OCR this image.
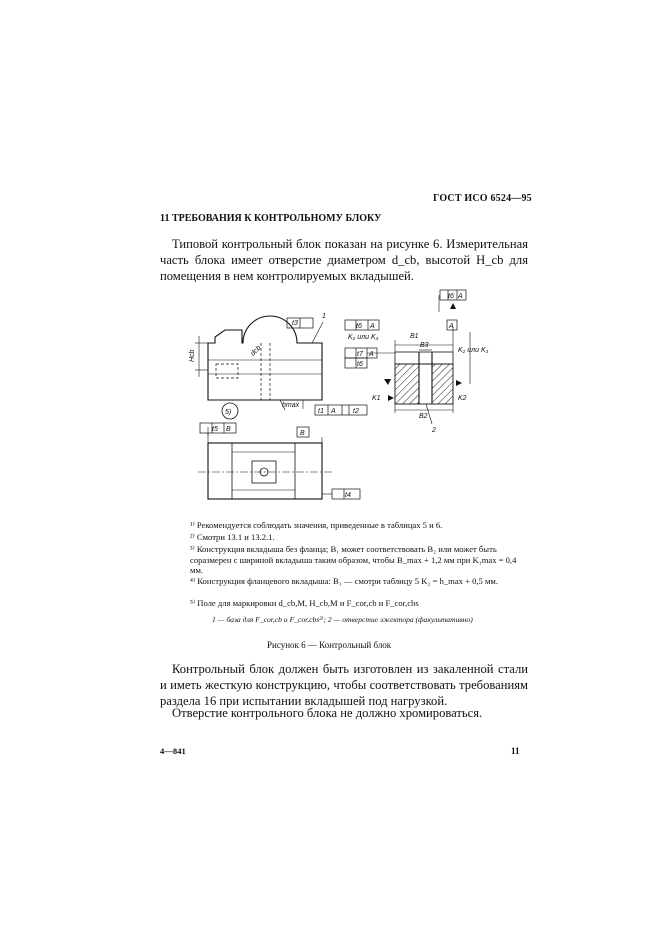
ГОСТ ИСО 6524—95
11 ТРЕБОВАНИЯ К КОНТРОЛЬНОМУ БЛОКУ
Типовой контрольный блок показан на рисунке 6. Измерительная часть блока имеет отверстие диаметром d_cb, высотой H_cb для помещения в нем контролируемых вкладышей.
1
Hcb	dcb
5)
t3
hmax
t1 A t2
t5 B
B
t4
t6 A
t6 A
K₂ или K₃	B1
A
B3
K₂ или K₃
t7 A
t6
K1
B2
K2
2
¹⁾ Рекомендуется соблюдать значения, приведенные в таблицах 5 и 6.
²⁾ Смотри 13.1 и 13.2.1.
³⁾ Конструкция вкладыша без фланца; B₁ может соответствовать B₂ или может быть соразмерен с шириной вкладыша таким образом, чтобы B_max + 1,2 мм при K₁max = 0,4 мм.
⁴⁾ Конструкция фланцевого вкладыша: B₁ — смотри таблицу 5 K₂ = h_max + 0,5 мм.
⁵⁾ Поле для маркировки d_cb,M, H_cb,M и F_cor,cb и F_cor,cbs
1 — база для F_cor,cb и F_cor,cbs²⁾; 2 — отверстие эжектора (факультативно)
Рисунок 6 — Контрольный блок
Контрольный блок должен быть изготовлен из закаленной стали и иметь жесткую конструкцию, чтобы соответствовать требованиям раздела 16 при испытании вкладышей под нагрузкой.
Отверстие контрольного блока не должно хромироваться.
4—841	11
